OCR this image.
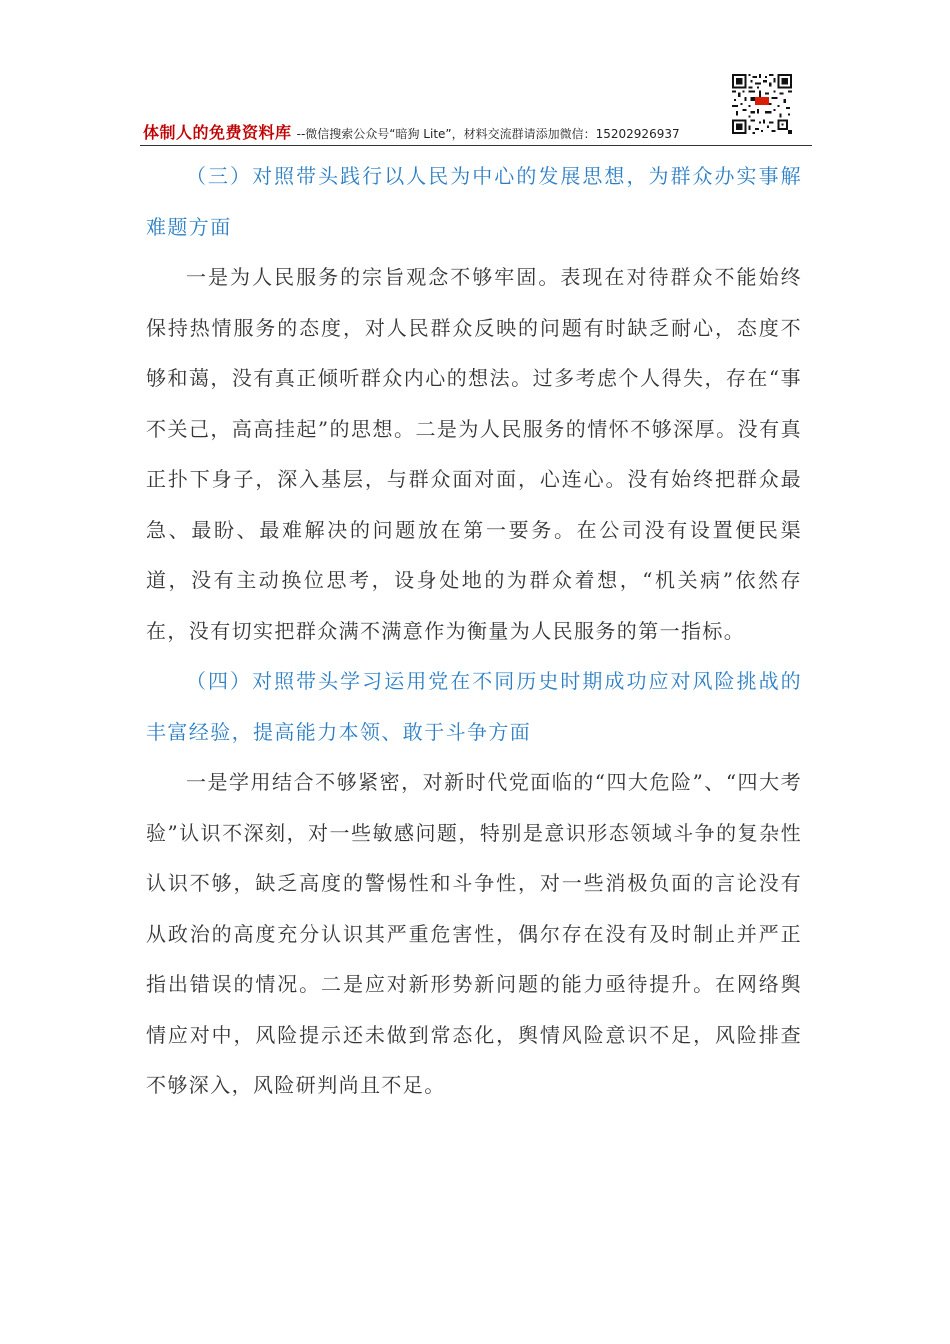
体制人的免费资料库 --微信搜索公众号“暗狗 Lite”，材料交流群请添加微信：15202926937

（三）对照带头践行以人民为中心的发展思想，为群众办实事解难题方面

一是为人民服务的宗旨观念不够牢固。表现在对待群众不能始终保持热情服务的态度，对人民群众反映的问题有时缺乏耐心，态度不够和蔼，没有真正倾听群众内心的想法。过多考虑个人得失，存在“事不关己，高高挂起”的思想。二是为人民服务的情怀不够深厚。没有真正扑下身子，深入基层，与群众面对面，心连心。没有始终把群众最急、最盼、最难解决的问题放在第一要务。在公司没有设置便民渠道，没有主动换位思考，设身处地的为群众着想，“机关病”依然存在，没有切实把群众满不满意作为衡量为人民服务的第一指标。

（四）对照带头学习运用党在不同历史时期成功应对风险挑战的丰富经验，提高能力本领、敢于斗争方面

一是学用结合不够紧密，对新时代党面临的“四大危险”、“四大考验”认识不深刻，对一些敏感问题，特别是意识形态领域斗争的复杂性认识不够，缺乏高度的警惕性和斗争性，对一些消极负面的言论没有从政治的高度充分认识其严重危害性，偶尔存在没有及时制止并严正指出错误的情况。二是应对新形势新问题的能力亟待提升。在网络舆情应对中，风险提示还未做到常态化，舆情风险意识不足，风险排查不够深入，风险研判尚且不足。
